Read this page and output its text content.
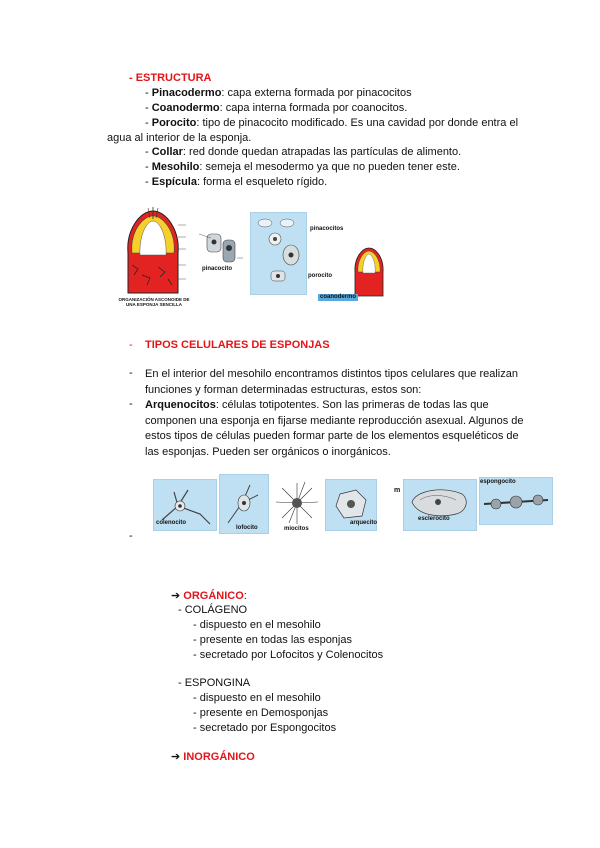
- ESTRUCTURA
- Pinacodermo: capa externa formada por pinacocitos
- Coanodermo: capa interna formada por coanocitos.
- Porocito: tipo de pinacocito modificado. Es una cavidad por donde entra el
agua al interior de la esponja.
- Collar: red donde quedan atrapadas las partículas de alimento.
- Mesohilo: semeja el mesodermo ya que no pueden tener este.
- Espícula: forma el esqueleto rígido.
ORGANIZACIÓN ASCONOIDE DE UNA ESPONJA SENCILLA
pinacocitos
pinacocito
porocito
coanodermo
- TIPOS CELULARES DE ESPONJAS
- En el interior del mesohilo encontramos distintos tipos celulares que realizan
funciones y forman determinadas estructuras, estos son:
- Arquenocitos: células totipotentes. Son las primeras de todas las que
componen una esponja en fijarse mediante reproducción asexual. Algunos de
estos tipos de células pueden formar parte de los elementos esqueléticos de
las esponjas. Pueden ser orgánicos o inorgánicos.
colenocito
lofocito	miocitos
arquecito
m
esclerocito
espongocito
-
➔ ORGÁNICO:
- COLÁGENO
- dispuesto en el mesohilo
- presente en todas las esponjas
- secretado por Lofocitos y Colenocitos
- ESPONGINA
- dispuesto en el mesohilo
- presente en Demosponjas
- secretado por Espongocitos
➔ INORGÁNICO
